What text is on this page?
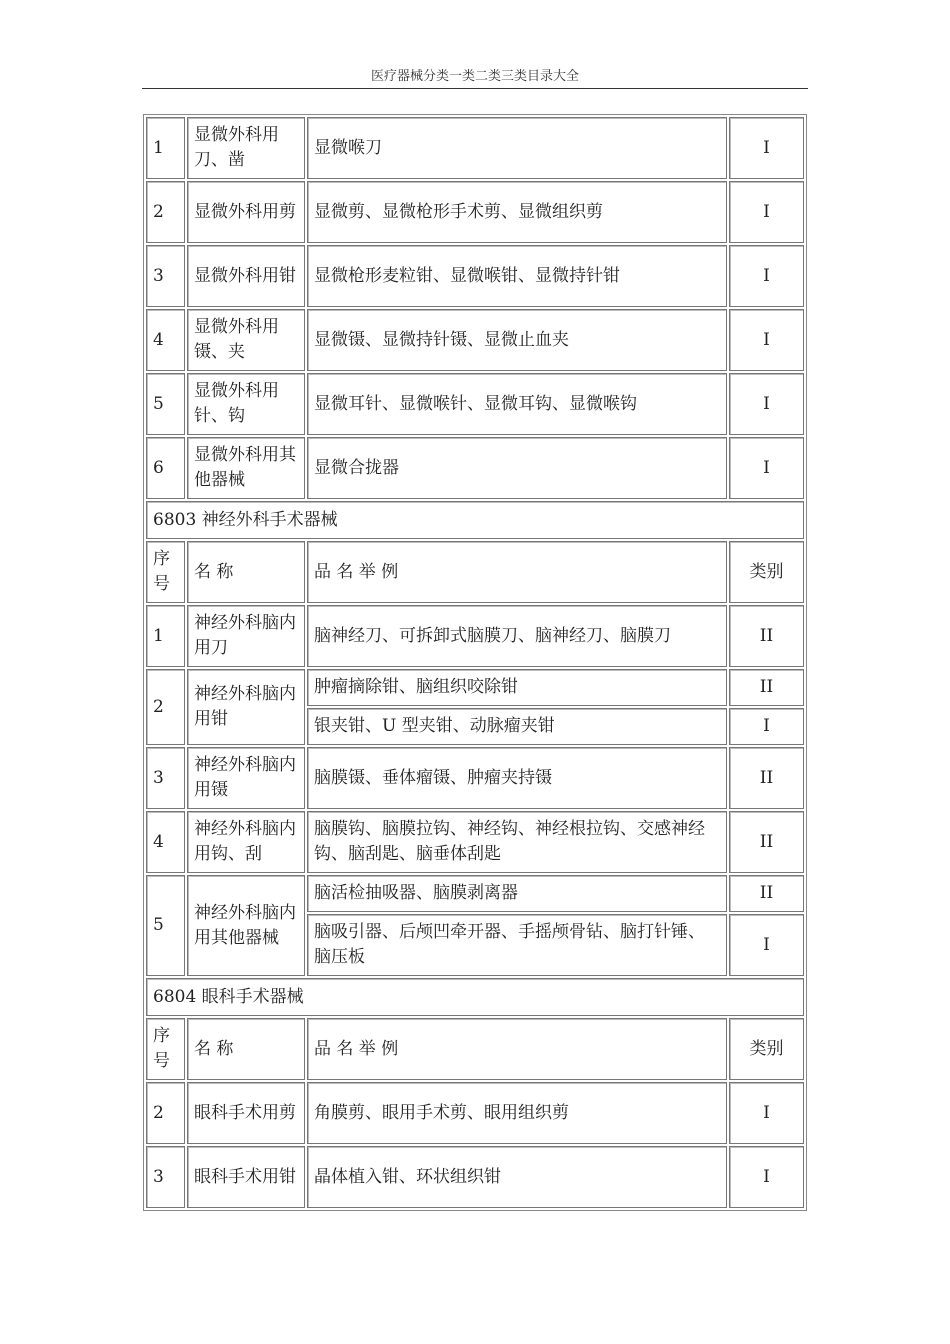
医疗器械分类一类二类三类目录大全
1	显微外科用刀、凿	显微喉刀	I
2	显微外科用剪	显微剪、显微枪形手术剪、显微组织剪	I
3	显微外科用钳	显微枪形麦粒钳、显微喉钳、显微持针钳	I
4	显微外科用镊、夹	显微镊、显微持针镊、显微止血夹	I
5	显微外科用针、钩	显微耳针、显微喉针、显微耳钩、显微喉钩	I
6	显微外科用其他器械	显微合拢器	I
6803 神经外科手术器械			
序号	名 称	品 名 举 例	类别
1	神经外科脑内用刀	脑神经刀、可拆卸式脑膜刀、脑神经刀、脑膜刀	II
2	神经外科脑内用钳	肿瘤摘除钳、脑组织咬除钳	II
		银夹钳、U 型夹钳、动脉瘤夹钳	I
3	神经外科脑内用镊	脑膜镊、垂体瘤镊、肿瘤夹持镊	II
4	神经外科脑内用钩、刮	脑膜钩、脑膜拉钩、神经钩、神经根拉钩、交感神经钩、脑刮匙、脑垂体刮匙	II
5	神经外科脑内用其他器械	脑活检抽吸器、脑膜剥离器	II
		脑吸引器、后颅凹牵开器、手摇颅骨钻、脑打针锤、脑压板	I
6804 眼科手术器械			
序号	名 称	品 名 举 例	类别
2	眼科手术用剪	角膜剪、眼用手术剪、眼用组织剪	I
3	眼科手术用钳	晶体植入钳、环状组织钳	I
